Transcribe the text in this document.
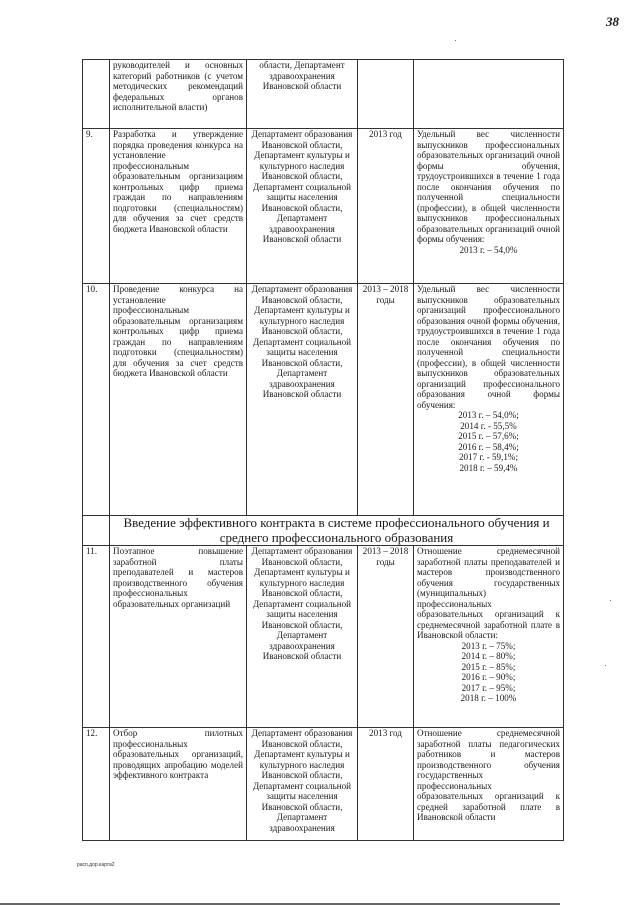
38
	руководителей и основных категорий работников (с учетом методических рекомендаций федеральных органов исполнительной власти)	области, Департамент здравоохранения Ивановской области		
9.	Разработка и утверждение порядка проведения конкурса на установление профессиональным образовательным организациям контрольных цифр приема граждан по направлениям подготовки (специальностям) для обучения за счет средств бюджета Ивановской области	Департамент образования Ивановской области, Департамент культуры и культурного наследия Ивановской области, Департамент социальной защиты населения Ивановской области, Департамент здравоохранения Ивановской области	2013 год	Удельный вес численности выпускников профессиональных образовательных организаций очной формы обучения, трудоустроившихся в течение 1 года после окончания обучения по полученной специальности (профессии), в общей численности выпускников профессиональных образовательных организаций очной формы обучения:
2013 г. – 54,0%

10.	Проведение конкурса на установление профессиональным образовательным организациям контрольных цифр приема граждан по направлениям подготовки (специальностям) для обучения за счет средств бюджета Ивановской области	Департамент образования Ивановской области, Департамент культуры и культурного наследия Ивановской области, Департамент социальной защиты населения Ивановской области, Департамент здравоохранения Ивановской области	2013 – 2018 годы	Удельный вес численности выпускников образовательных организаций профессионального образования очной формы обучения, трудоустроившихся в течение 1 года после окончания обучения по полученной специальности (профессии), в общей численности выпускников образовательных организаций профессионального образования очной формы обучения:
2013 г. – 54,0%;
2014 г. - 55,5%
2015 г. – 57,6%;
2016 г. – 58,4%;
2017 г. - 59,1%;
2018 г. – 59,4%

	Введение эффективного контракта в системе профессионального обучения и среднего профессионального образования			
11.	Поэтапное повышение заработной платы преподавателей и мастеров производственного обучения профессиональных образовательных организаций	Департамент образования Ивановской области, Департамент культуры и культурного наследия Ивановской области, Департамент социальной защиты населения Ивановской области, Департамент здравоохранения Ивановской области	2013 – 2018 годы	Отношение среднемесячной заработной платы преподавателей и мастеров производственного обучения государственных (муниципальных) профессиональных образовательных организаций к среднемесячной заработной плате в Ивановской области:
2013 г. – 75%;
2014 г. – 80%;
2015 г. – 85%;
2016 г. – 90%;
2017 г. – 95%;
2018 г. – 100%

12.	Отбор пилотных профессиональных образовательных организаций, проводящих апробацию моделей эффективного контракта	Департамент образования Ивановской области, Департамент культуры и культурного наследия Ивановской области, Департамент социальной защиты населения Ивановской области, Департамент здравоохранения	2013 год	Отношение среднемесячной заработной платы педагогических работников и мастеров производственного обучения государственных профессиональных образовательных организаций к средней заработной плате в Ивановской области
расп.дор.карта2
